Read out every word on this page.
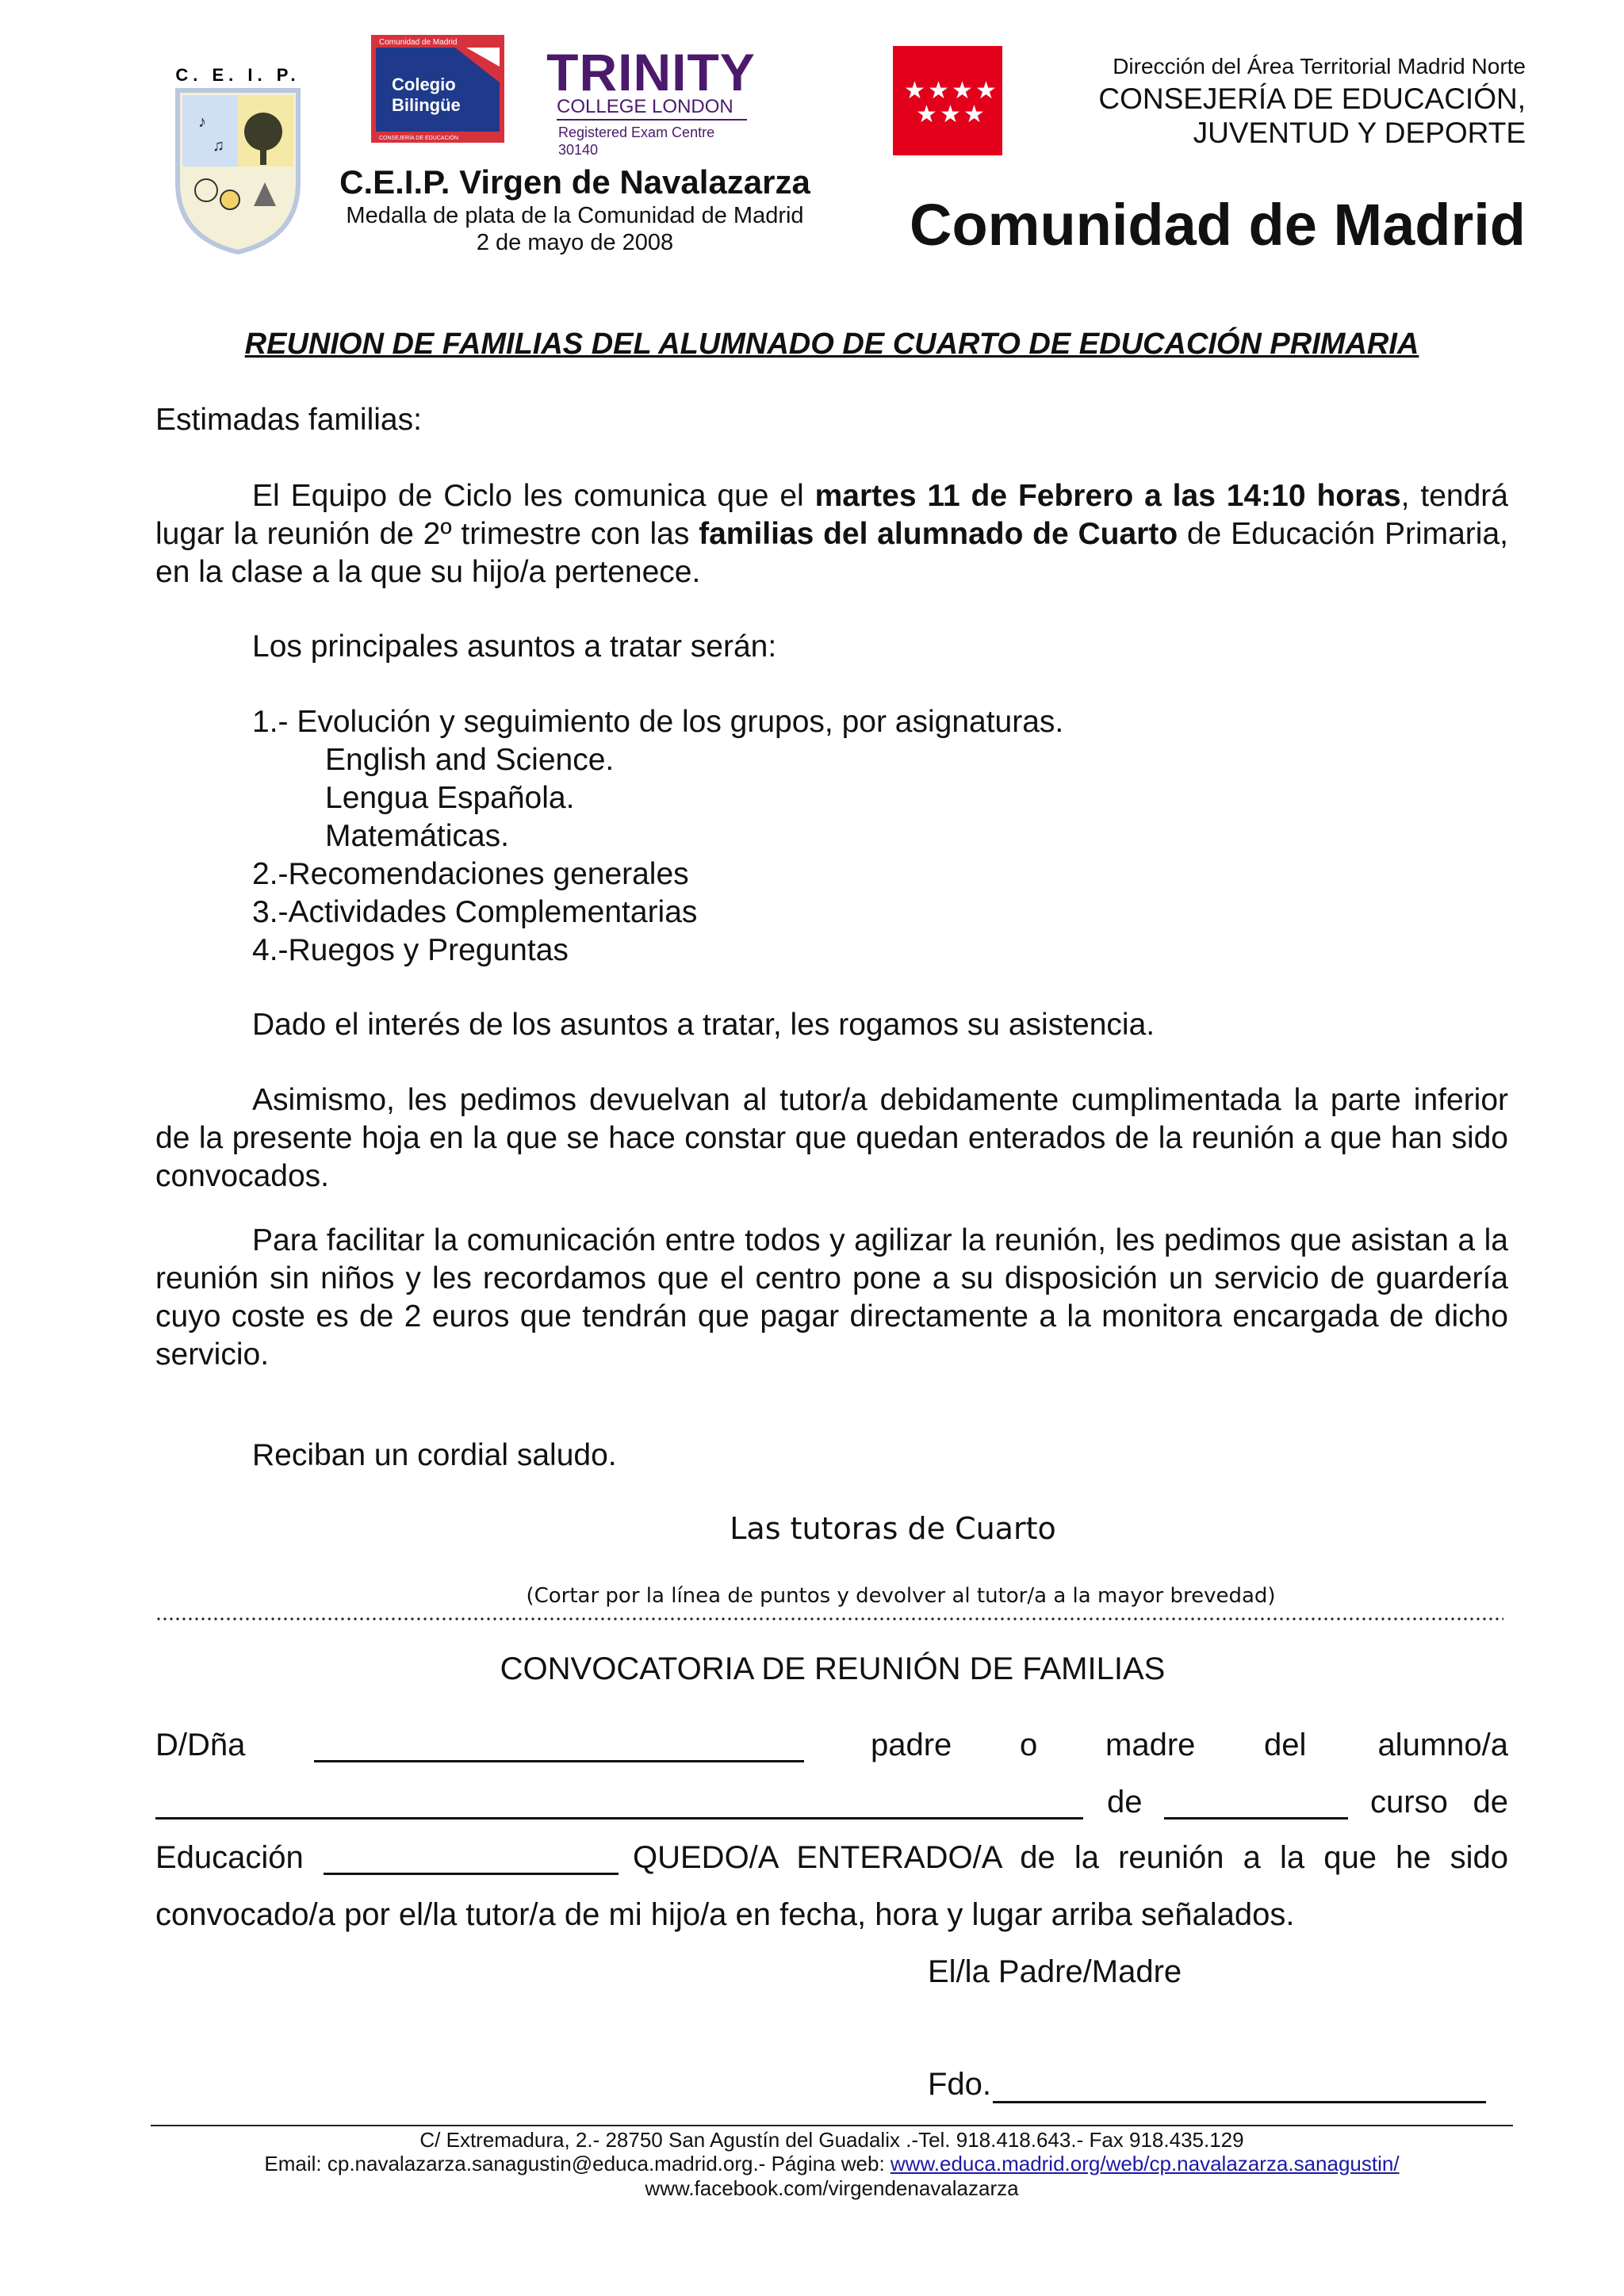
C. E. I. P.
♪
♫
Comunidad de Madrid
Colegio
Bilingüe
CONSEJERÍA DE EDUCACIÓN
TRINITY
COLLEGE LONDON
Registered Exam Centre 30140
C.E.I.P. Virgen de Navalazarza
Medalla de plata de la Comunidad de Madrid
2 de mayo de 2008
★ ★ ★ ★
★ ★ ★
Dirección del Área Territorial Madrid Norte
CONSEJERÍA DE EDUCACIÓN,
JUVENTUD Y DEPORTE
Comunidad de Madrid
REUNION DE FAMILIAS DEL ALUMNADO DE CUARTO DE EDUCACIÓN PRIMARIA
Estimadas familias:
El Equipo de Ciclo les comunica que el martes 11 de Febrero a las 14:10 horas, tendrá lugar la reunión de 2º trimestre con las familias del alumnado de Cuarto de Educación Primaria, en la clase a la que su hijo/a pertenece.
Los principales asuntos a tratar serán:
1.- Evolución y seguimiento de los grupos, por asignaturas.
English and Science.
Lengua Española.
Matemáticas.
2.-Recomendaciones generales
3.-Actividades Complementarias
4.-Ruegos y Preguntas
Dado el interés de los asuntos a tratar, les rogamos su asistencia.
Asimismo, les pedimos devuelvan al tutor/a debidamente cumplimentada la parte inferior de la presente hoja en la que se hace constar que quedan enterados de la reunión a que han sido convocados.
Para facilitar la comunicación entre todos y agilizar la reunión, les pedimos que asistan a la reunión sin niños y les recordamos que el centro pone a su disposición un servicio de guardería cuyo coste es de 2 euros que tendrán que pagar directamente a la monitora encargada de dicho servicio.
Reciban un cordial saludo.
Las tutoras de Cuarto
(Cortar por la línea de puntos y devolver al tutor/a a la mayor brevedad)
CONVOCATORIA DE REUNIÓN DE FAMILIAS
D/Dña	padre o madre del alumno/a
de	curso de
Educación	QUEDO/A ENTERADO/A de la reunión a la que he sido
convocado/a por el/la tutor/a de mi hijo/a en fecha, hora y lugar arriba señalados.
El/la Padre/Madre
Fdo.
C/ Extremadura, 2.- 28750 San Agustín del Guadalix .-Tel. 918.418.643.- Fax 918.435.129
Email: cp.navalazarza.sanagustin@educa.madrid.org.- Página web: www.educa.madrid.org/web/cp.navalazarza.sanagustin/
www.facebook.com/virgendenavalazarza
